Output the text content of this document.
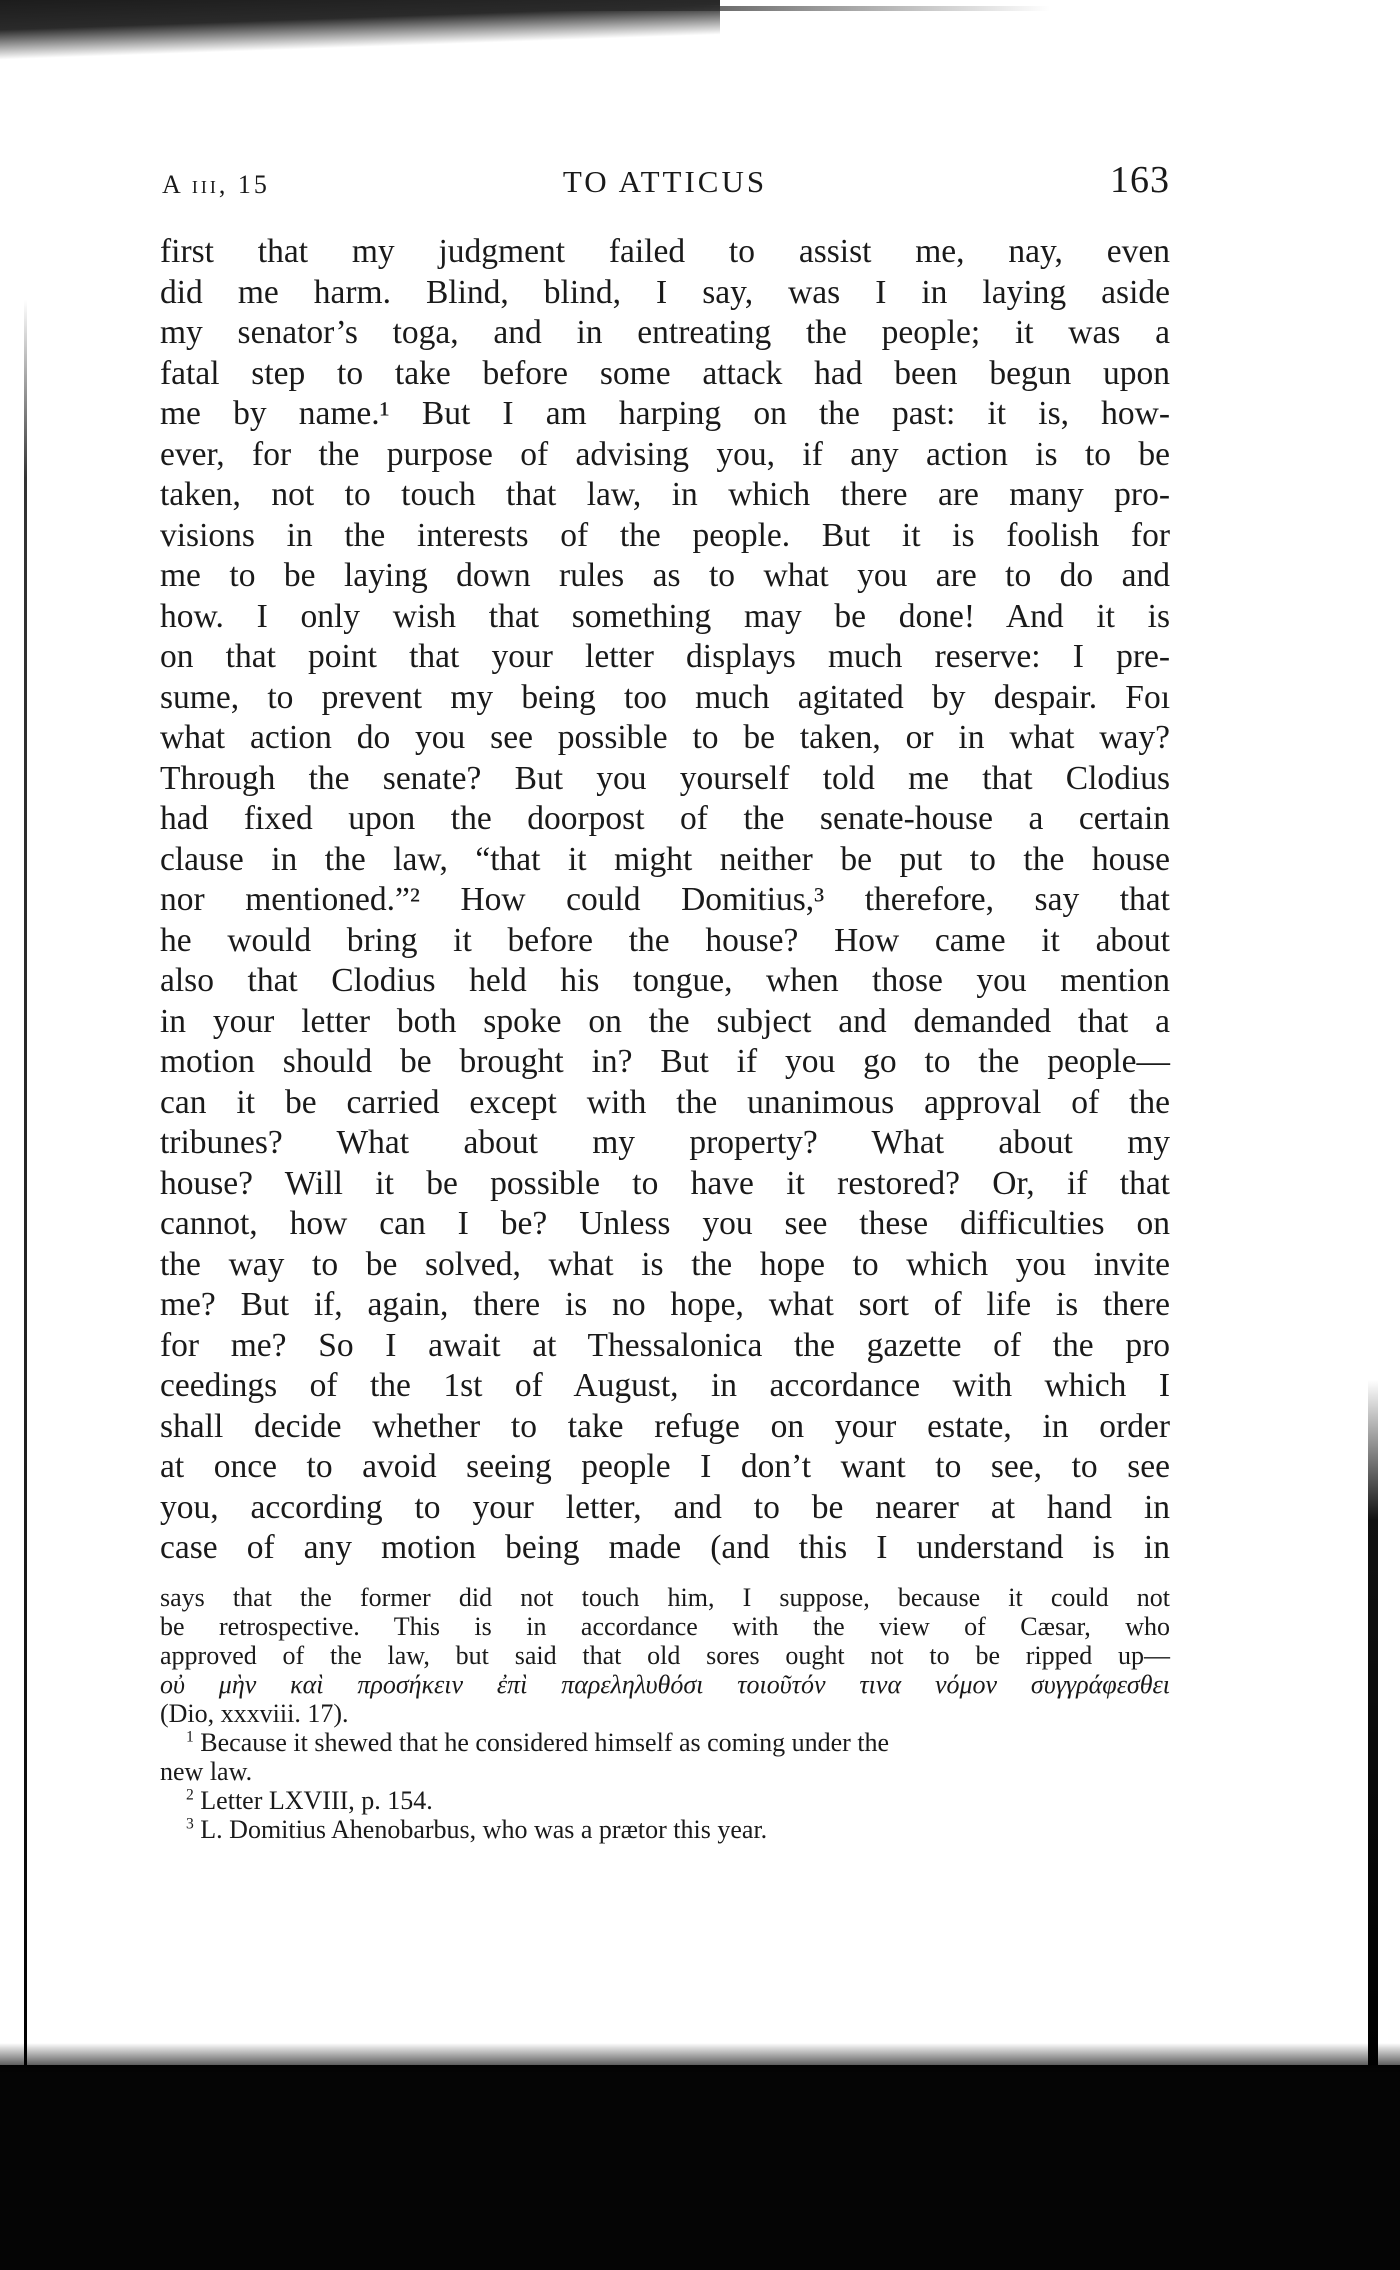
A iii, 15	TO ATTICUS	163
first that my judgment failed to assist me, nay, even
did me harm. Blind, blind, I say, was I in laying aside
my senator’s toga, and in entreating the people; it was a
fatal step to take before some attack had been begun upon
me by name.¹ But I am harping on the past: it is, how-
ever, for the purpose of advising you, if any action is to be
taken, not to touch that law, in which there are many pro-
visions in the interests of the people. But it is foolish for
me to be laying down rules as to what you are to do and
how. I only wish that something may be done! And it is
on that point that your letter displays much reserve: I pre-
sume, to prevent my being too much agitated by despair. Foı
what action do you see possible to be taken, or in what way?
Through the senate? But you yourself told me that Clodius
had fixed upon the doorpost of the senate-house a certain
clause in the law, “that it might neither be put to the house
nor mentioned.”² How could Domitius,³ therefore, say that
he would bring it before the house? How came it about
also that Clodius held his tongue, when those you mention
in your letter both spoke on the subject and demanded that a
motion should be brought in? But if you go to the people—
can it be carried except with the unanimous approval of the
tribunes? What about my property? What about my
house? Will it be possible to have it restored? Or, if that
cannot, how can I be? Unless you see these difficulties on
the way to be solved, what is the hope to which you invite
me? But if, again, there is no hope, what sort of life is there
for me? So I await at Thessalonica the gazette of the pro
ceedings of the 1st of August, in accordance with which I
shall decide whether to take refuge on your estate, in order
at once to avoid seeing people I don’t want to see, to see
you, according to your letter, and to be nearer at hand in
case of any motion being made (and this I understand is in
says that the former did not touch him, I suppose, because it could not
be retrospective. This is in accordance with the view of Cæsar, who
approved of the law, but said that old sores ought not to be ripped up—
οὐ μὴν καὶ προσήκειν ἐπὶ παρεληλυθόσι τοιοῦτόν τινα νόμον συγγράφεσθει
(Dio, xxxviii. 17).
$^1$ Because it shewed that he considered himself as coming under the
new law.
$^2$ Letter LXVIII, p. 154.
$^3$ L. Domitius Ahenobarbus, who was a prætor this year.
